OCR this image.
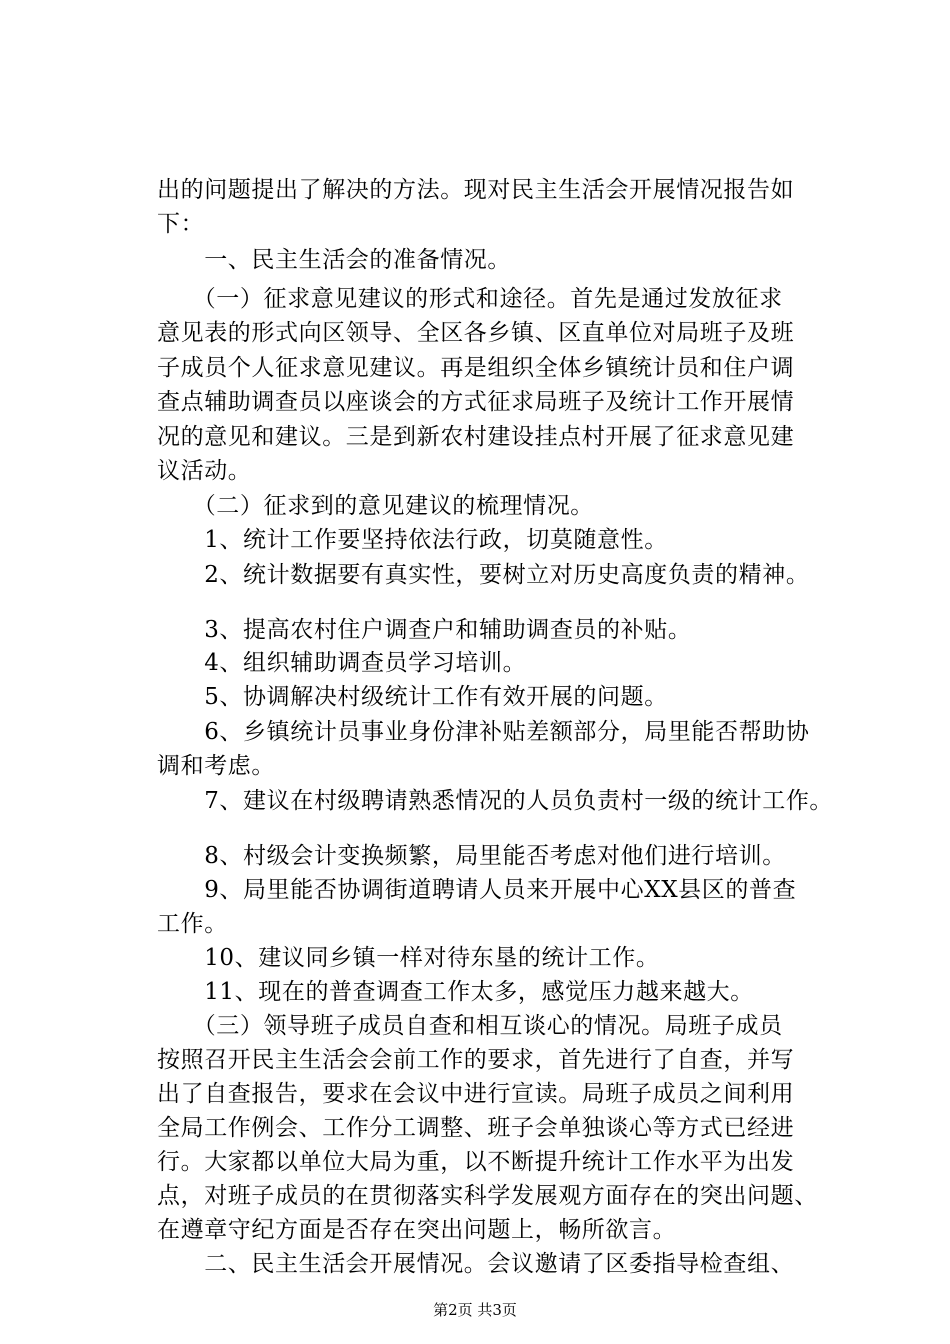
出的问题提出了解决的方法。现对民主生活会开展情况报告如
下：
　　一、民主生活会的准备情况。
　　（一）征求意见建议的形式和途径。首先是通过发放征求
意见表的形式向区领导、全区各乡镇、区直单位对局班子及班
子成员个人征求意见建议。再是组织全体乡镇统计员和住户调
查点辅助调查员以座谈会的方式征求局班子及统计工作开展情
况的意见和建议。三是到新农村建设挂点村开展了征求意见建
议活动。
　　（二）征求到的意见建议的梳理情况。
　　1、统计工作要坚持依法行政，切莫随意性。
　　2、统计数据要有真实性，要树立对历史高度负责的精神。
　　3、提高农村住户调查户和辅助调查员的补贴。
　　4、组织辅助调查员学习培训。
　　5、协调解决村级统计工作有效开展的问题。
　　6、乡镇统计员事业身份津补贴差额部分，局里能否帮助协
调和考虑。
　　7、建议在村级聘请熟悉情况的人员负责村一级的统计工作。
　　8、村级会计变换频繁，局里能否考虑对他们进行培训。
　　9、局里能否协调街道聘请人员来开展中心XX县区的普查
工作。
　　10、建议同乡镇一样对待东垦的统计工作。
　　11、现在的普查调查工作太多，感觉压力越来越大。
　　（三）领导班子成员自查和相互谈心的情况。局班子成员
按照召开民主生活会会前工作的要求，首先进行了自查，并写
出了自查报告，要求在会议中进行宣读。局班子成员之间利用
全局工作例会、工作分工调整、班子会单独谈心等方式已经进
行。大家都以单位大局为重，以不断提升统计工作水平为出发
点，对班子成员的在贯彻落实科学发展观方面存在的突出问题、
在遵章守纪方面是否存在突出问题上，畅所欲言。
　　二、民主生活会开展情况。会议邀请了区委指导检查组、
第2页 共3页
